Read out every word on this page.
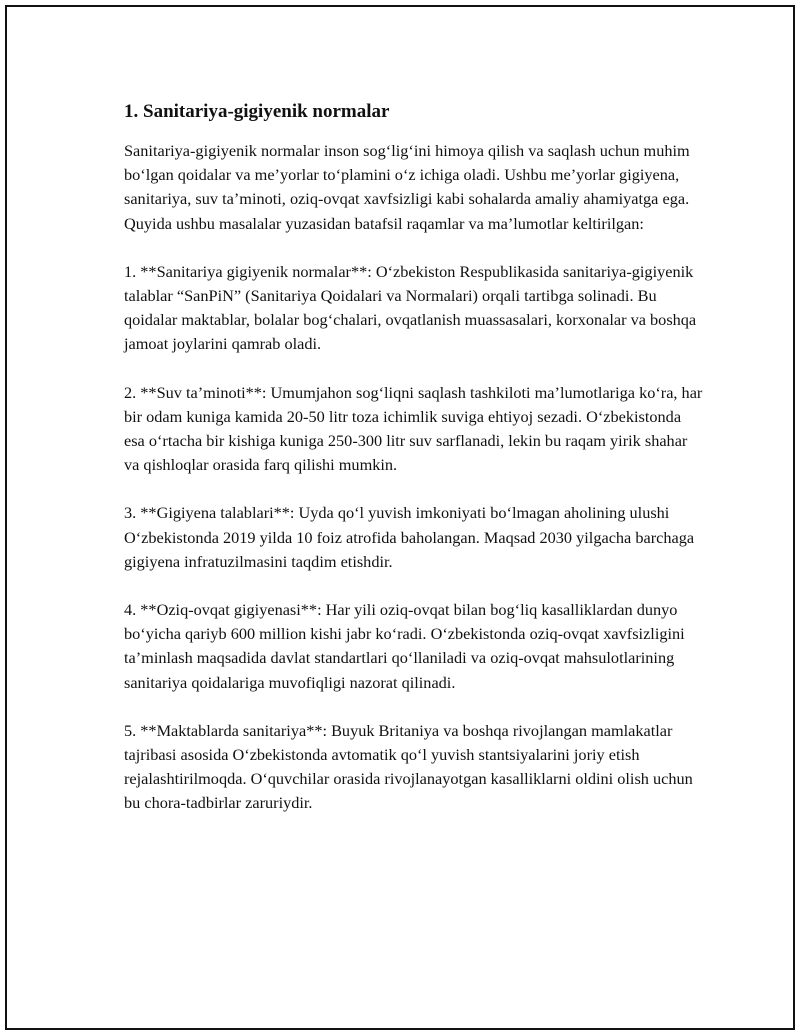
1. Sanitariya-gigiyenik normalar

Sanitariya-gigiyenik normalar inson sog‘lig‘ini himoya qilish va saqlash uchun muhim bo‘lgan qoidalar va me’yorlar to‘plamini o‘z ichiga oladi. Ushbu me’yorlar gigiyena, sanitariya, suv ta’minoti, oziq-ovqat xavfsizligi kabi sohalarda amaliy ahamiyatga ega. Quyida ushbu masalalar yuzasidan batafsil raqamlar va ma’lumotlar keltirilgan:

1. **Sanitariya gigiyenik normalar**: O‘zbekiston Respublikasida sanitariya-gigiyenik talablar “SanPiN” (Sanitariya Qoidalari va Normalari) orqali tartibga solinadi. Bu qoidalar maktablar, bolalar bog‘chalari, ovqatlanish muassasalari, korxonalar va boshqa jamoat joylarini qamrab oladi.

2. **Suv ta’minoti**: Umumjahon sog‘liqni saqlash tashkiloti ma’lumotlariga ko‘ra, har bir odam kuniga kamida 20-50 litr toza ichimlik suviga ehtiyoj sezadi. O‘zbekistonda esa o‘rtacha bir kishiga kuniga 250-300 litr suv sarflanadi, lekin bu raqam yirik shahar va qishloqlar orasida farq qilishi mumkin.

3. **Gigiyena talablari**: Uyda qo‘l yuvish imkoniyati bo‘lmagan aholining ulushi O‘zbekistonda 2019 yilda 10 foiz atrofida baholangan. Maqsad 2030 yilgacha barchaga gigiyena infratuzilmasini taqdim etishdir.

4. **Oziq-ovqat gigiyenasi**: Har yili oziq-ovqat bilan bog‘liq kasalliklardan dunyo bo‘yicha qariyb 600 million kishi jabr ko‘radi. O‘zbekistonda oziq-ovqat xavfsizligini ta’minlash maqsadida davlat standartlari qo‘llaniladi va oziq-ovqat mahsulotlarining sanitariya qoidalariga muvofiqligi nazorat qilinadi.

5. **Maktablarda sanitariya**: Buyuk Britaniya va boshqa rivojlangan mamlakatlar tajribasi asosida O‘zbekistonda avtomatik qo‘l yuvish stantsiyalarini joriy etish rejalashtirilmoqda. O‘quvchilar orasida rivojlanayotgan kasalliklarni oldini olish uchun bu chora-tadbirlar zaruriydir.
